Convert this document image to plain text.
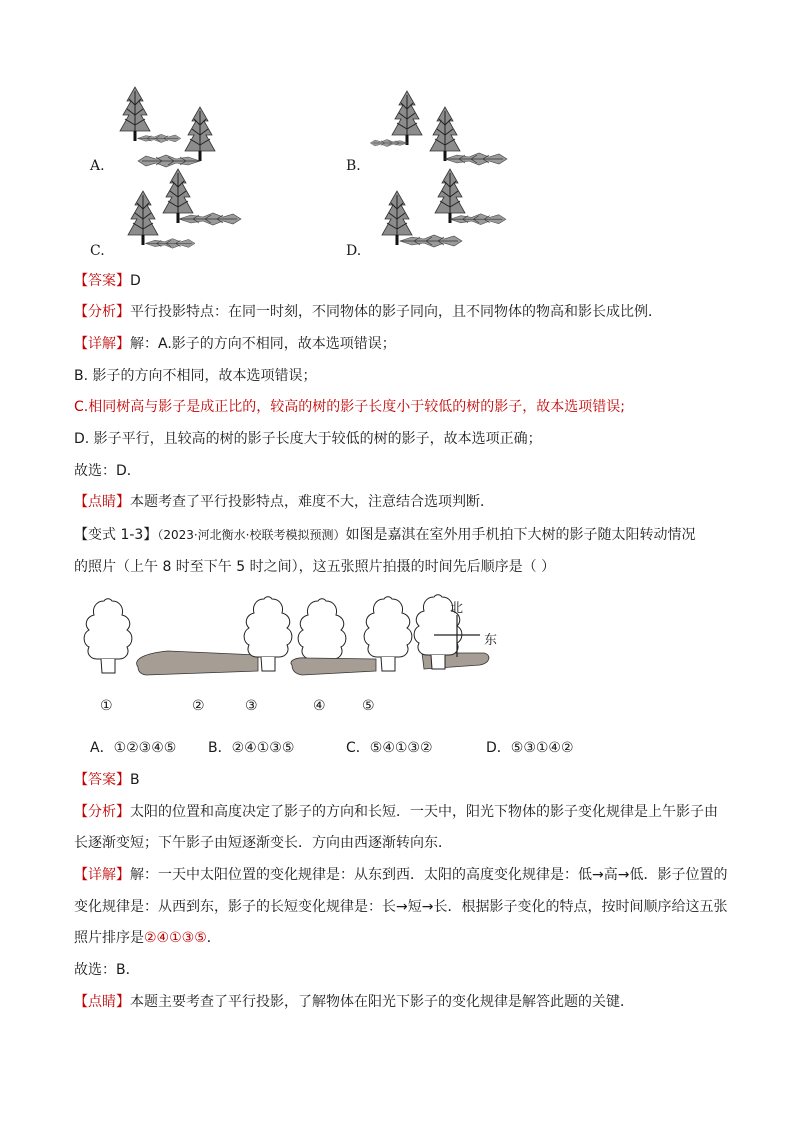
A.	B.
C.	D.
【答案】D
【分析】平行投影特点：在同一时刻，不同物体的影子同向，且不同物体的物高和影长成比例．
【详解】解：A.影子的方向不相同，故本选项错误；
B. 影子的方向不相同，故本选项错误；
C.相同树高与影子是成正比的，较高的树的影子长度小于较低的树的影子，故本选项错误;
D. 影子平行，且较高的树的影子长度大于较低的树的影子，故本选项正确；
故选：D．
【点睛】本题考查了平行投影特点，难度不大，注意结合选项判断．
【变式 1-3】（2023·河北衡水·校联考模拟预测）如图是嘉淇在室外用手机拍下大树的影子随太阳转动情况
的照片（上午 8 时至下午 5 时之间），这五张照片拍摄的时间先后顺序是（ ）
北
东
①	②	③	④	⑤
A．①②③④⑤ B．②④①③⑤	C．⑤④①③②	D．⑤③①④②
【答案】B
【分析】太阳的位置和高度决定了影子的方向和长短．一天中，阳光下物体的影子变化规律是上午影子由
长逐渐变短；下午影子由短逐渐变长．方向由西逐渐转向东．
【详解】解：一天中太阳位置的变化规律是：从东到西．太阳的高度变化规律是：低→高→低．影子位置的
变化规律是：从西到东，影子的长短变化规律是：长→短→长．根据影子变化的特点，按时间顺序给这五张
照片排序是②④①③⑤．
故选：B．
【点睛】本题主要考查了平行投影，了解物体在阳光下影子的变化规律是解答此题的关键．
